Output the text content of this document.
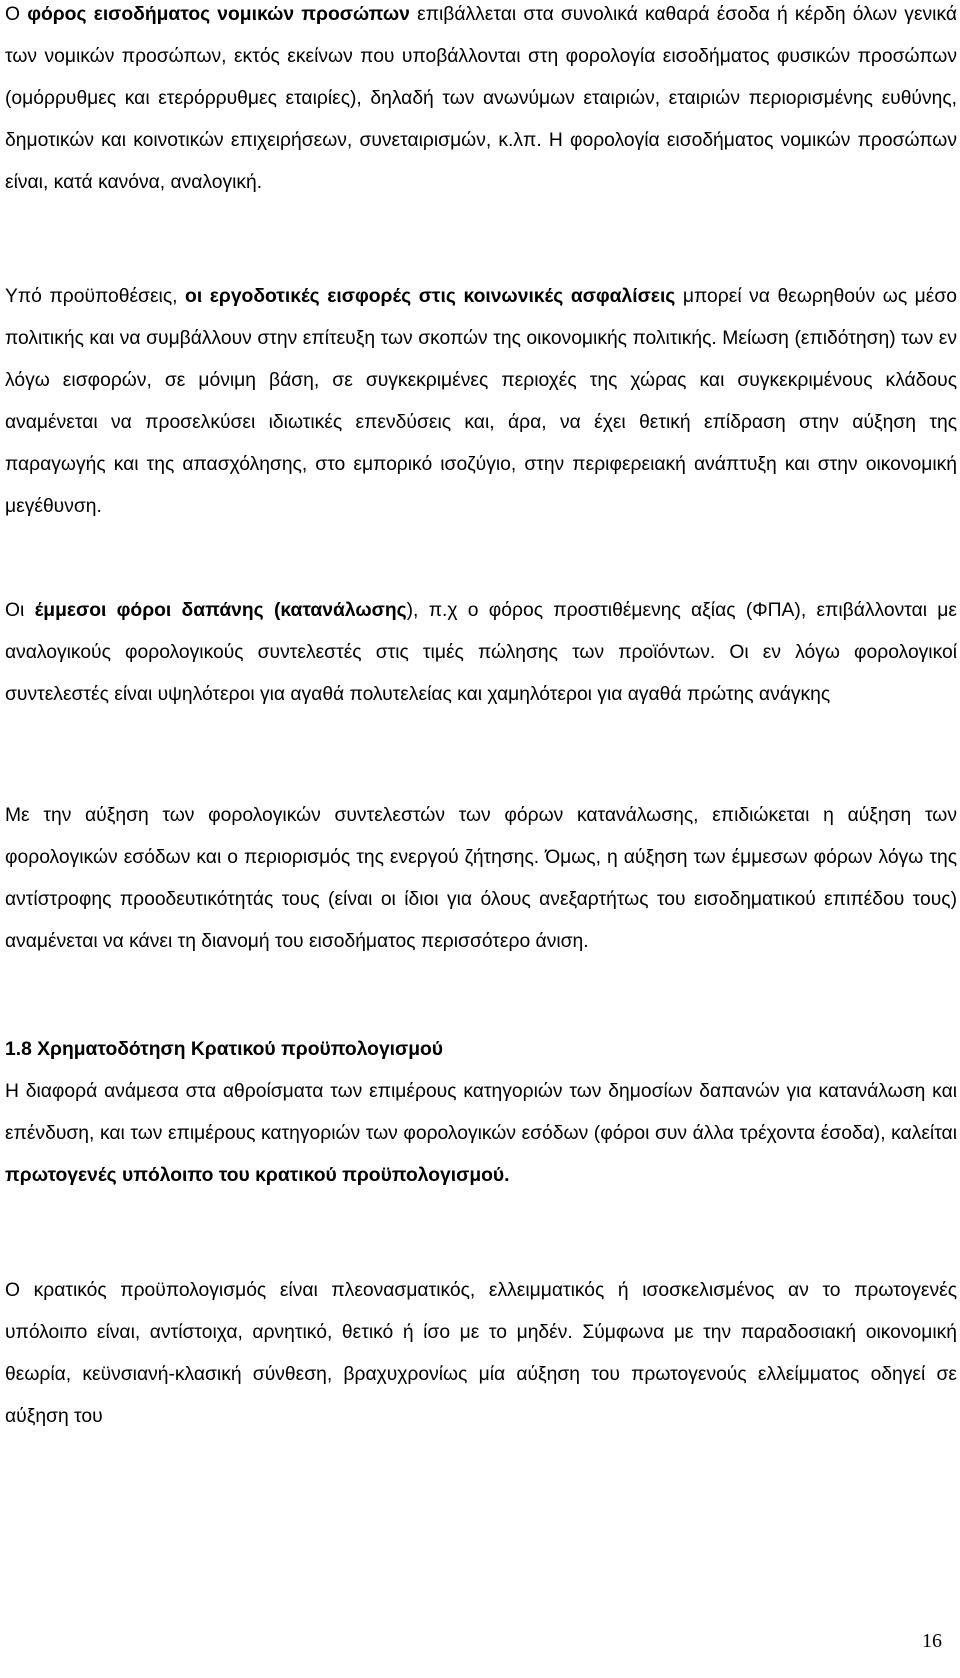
Ο φόρος εισοδήματος νομικών προσώπων επιβάλλεται στα συνολικά καθαρά έσοδα ή κέρδη όλων γενικά των νομικών προσώπων, εκτός εκείνων που υποβάλλονται στη φορολογία εισοδήματος φυσικών προσώπων (ομόρρυθμες και ετερόρρυθμες εταιρίες), δηλαδή των ανωνύμων εταιριών, εταιριών περιορισμένης ευθύνης, δημοτικών και κοινοτικών επιχειρήσεων, συνεταιρισμών, κ.λπ. Η φορολογία εισοδήματος νομικών προσώπων είναι, κατά κανόνα, αναλογική.

Υπό προϋποθέσεις, οι εργοδοτικές εισφορές στις κοινωνικές ασφαλίσεις μπορεί να θεωρηθούν ως μέσο πολιτικής και να συμβάλλουν στην επίτευξη των σκοπών της οικονομικής πολιτικής. Μείωση (επιδότηση) των εν λόγω εισφορών, σε μόνιμη βάση, σε συγκεκριμένες περιοχές της χώρας και συγκεκριμένους κλάδους αναμένεται να προσελκύσει ιδιωτικές επενδύσεις και, άρα, να έχει θετική επίδραση στην αύξηση της παραγωγής και της απασχόλησης, στο εμπορικό ισοζύγιο, στην περιφερειακή ανάπτυξη και στην οικονομική μεγέθυνση.

Οι έμμεσοι φόροι δαπάνης (κατανάλωσης), π.χ ο φόρος προστιθέμενης αξίας (ΦΠΑ), επιβάλλονται με αναλογικούς φορολογικούς συντελεστές στις τιμές πώλησης των προϊόντων. Οι εν λόγω φορολογικοί συντελεστές είναι υψηλότεροι για αγαθά πολυτελείας και χαμηλότεροι για αγαθά πρώτης ανάγκης

Με την αύξηση των φορολογικών συντελεστών των φόρων κατανάλωσης, επιδιώκεται η αύξηση των φορολογικών εσόδων και ο περιορισμός της ενεργού ζήτησης. Όμως, η αύξηση των έμμεσων φόρων λόγω της αντίστροφης προοδευτικότητάς τους (είναι οι ίδιοι για όλους ανεξαρτήτως του εισοδηματικού επιπέδου τους) αναμένεται να κάνει τη διανομή του εισοδήματος περισσότερο άνιση.

1.8 Χρηματοδότηση Κρατικού προϋπολογισμού

Η διαφορά ανάμεσα στα αθροίσματα των επιμέρους κατηγοριών των δημοσίων δαπανών για κατανάλωση και επένδυση, και των επιμέρους κατηγοριών των φορολογικών εσόδων (φόροι συν άλλα τρέχοντα έσοδα), καλείται πρωτογενές υπόλοιπο του κρατικού προϋπολογισμού.

Ο κρατικός προϋπολογισμός είναι πλεονασματικός, ελλειμματικός ή ισοσκελισμένος αν το πρωτογενές υπόλοιπο είναι, αντίστοιχα, αρνητικό, θετικό ή ίσο με το μηδέν. Σύμφωνα με την παραδοσιακή οικονομική θεωρία, κεϋνσιανή-κλασική σύνθεση, βραχυχρονίως μία αύξηση του πρωτογενούς ελλείμματος οδηγεί σε αύξηση του

16
